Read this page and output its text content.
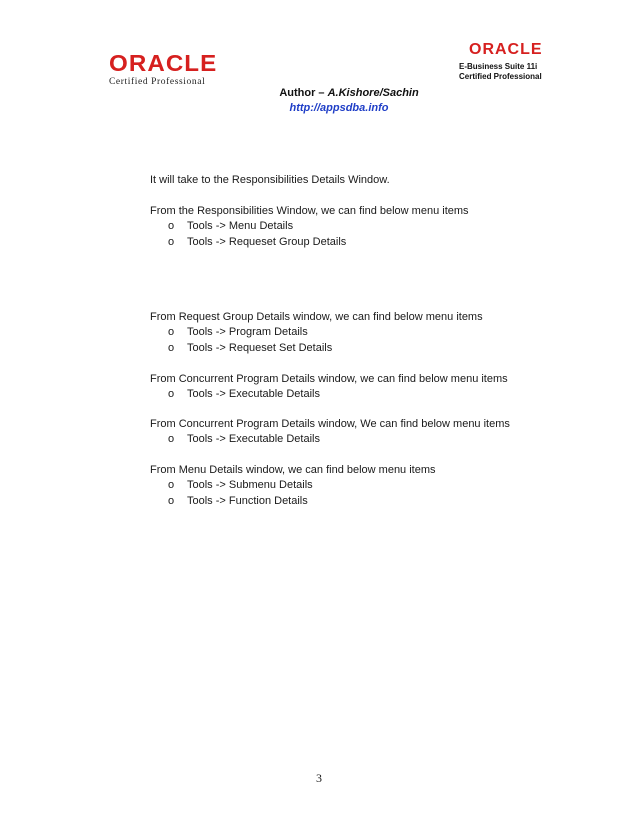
ORACLE
Certified Professional
ORACLE
E-Business Suite 11i
Certified Professional
Author – A.Kishore/Sachin
http://appsdba.info
It will take to the Responsibilities Details Window.
From the Responsibilities Window, we can find below menu items
o Tools -> Menu Details
o Tools -> Requeset Group Details
From Request Group Details window, we can find below menu items
o Tools -> Program Details
o Tools -> Requeset Set Details
From Concurrent Program Details window, we can find below menu items
o Tools -> Executable Details
From Concurrent Program Details window, We can find below menu items
o Tools -> Executable Details
From Menu Details window, we can find below menu items
o Tools -> Submenu Details
o Tools -> Function Details
3
